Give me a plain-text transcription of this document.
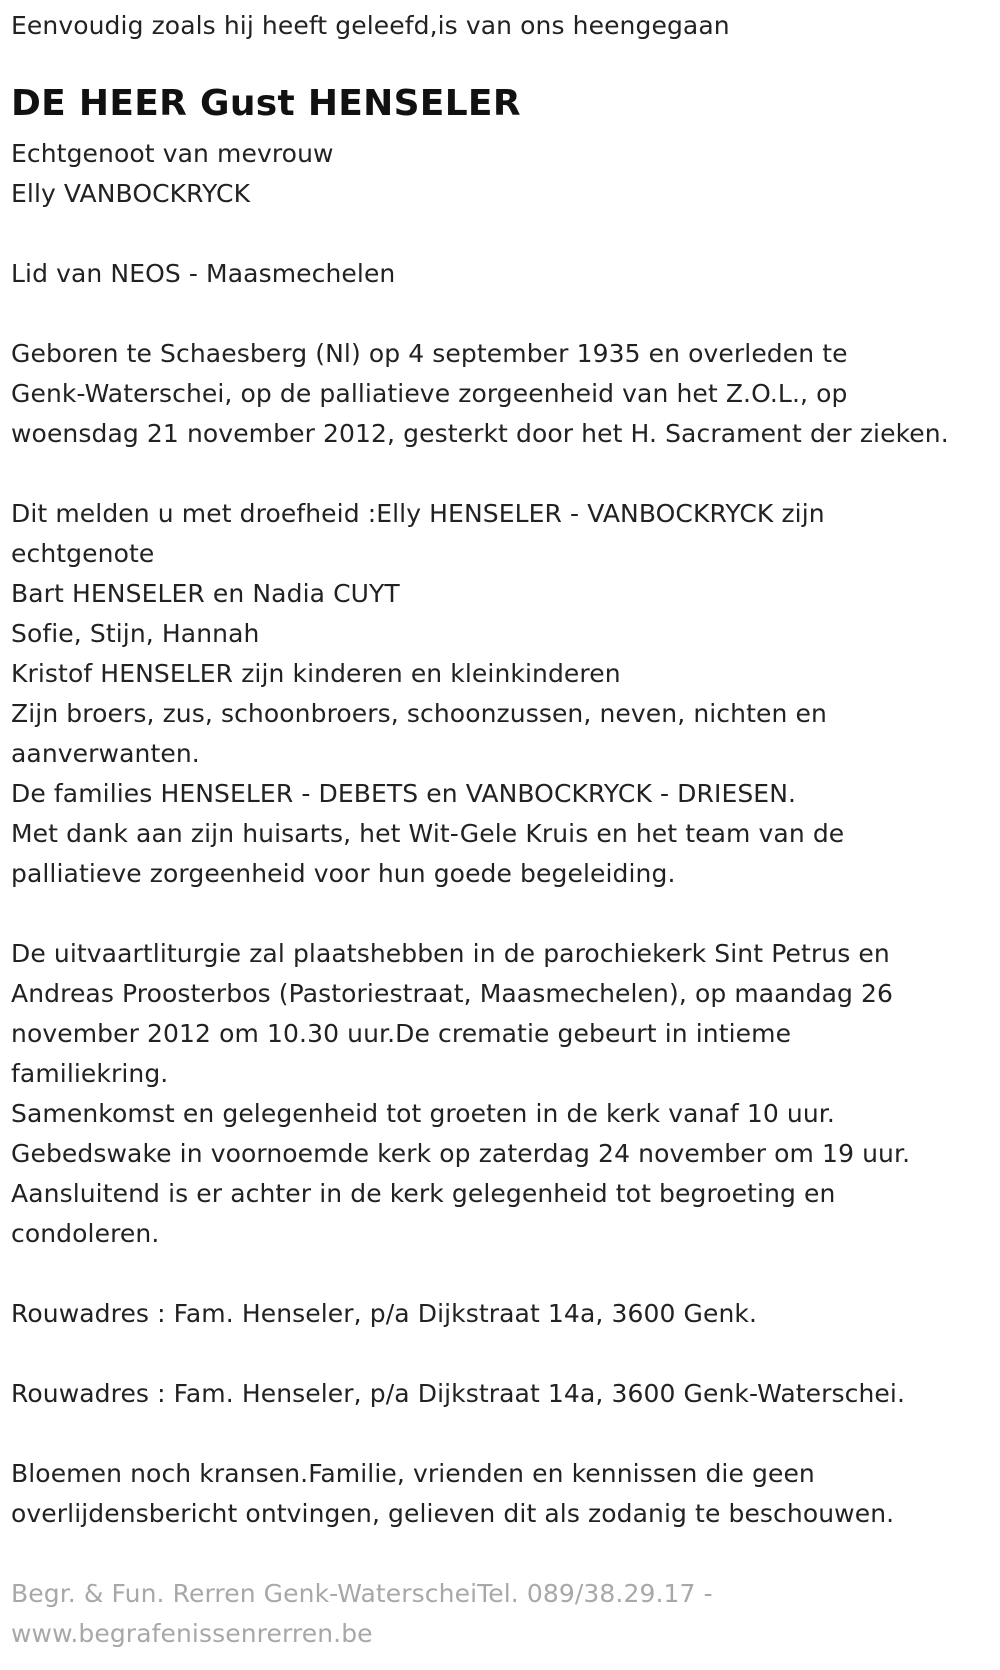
Eenvoudig zoals hij heeft geleefd,is van ons heengegaan
DE HEER Gust HENSELER
Echtgenoot van mevrouw
Elly VANBOCKRYCK
Lid van NEOS - Maasmechelen
Geboren te Schaesberg (Nl) op 4 september 1935 en overleden te
Genk-Waterschei, op de palliatieve zorgeenheid van het Z.O.L., op
woensdag 21 november 2012, gesterkt door het H. Sacrament der zieken.
Dit melden u met droefheid :Elly HENSELER - VANBOCKRYCK zijn
echtgenote
Bart HENSELER en Nadia CUYT
Sofie, Stijn, Hannah
Kristof HENSELER zijn kinderen en kleinkinderen
Zijn broers, zus, schoonbroers, schoonzussen, neven, nichten en
aanverwanten.
De families HENSELER - DEBETS en VANBOCKRYCK - DRIESEN.
Met dank aan zijn huisarts, het Wit-Gele Kruis en het team van de
palliatieve zorgeenheid voor hun goede begeleiding.
De uitvaartliturgie zal plaatshebben in de parochiekerk Sint Petrus en
Andreas Proosterbos (Pastoriestraat, Maasmechelen), op maandag 26
november 2012 om 10.30 uur.De crematie gebeurt in intieme
familiekring.
Samenkomst en gelegenheid tot groeten in de kerk vanaf 10 uur.
Gebedswake in voornoemde kerk op zaterdag 24 november om 19 uur.
Aansluitend is er achter in de kerk gelegenheid tot begroeting en
condoleren.
Rouwadres : Fam. Henseler, p/a Dijkstraat 14a, 3600 Genk.
Rouwadres : Fam. Henseler, p/a Dijkstraat 14a, 3600 Genk-Waterschei.
Bloemen noch kransen.Familie, vrienden en kennissen die geen
overlijdensbericht ontvingen, gelieven dit als zodanig te beschouwen.
Begr. & Fun. Rerren Genk-WaterscheiTel. 089/38.29.17 -
www.begrafenissenrerren.be
